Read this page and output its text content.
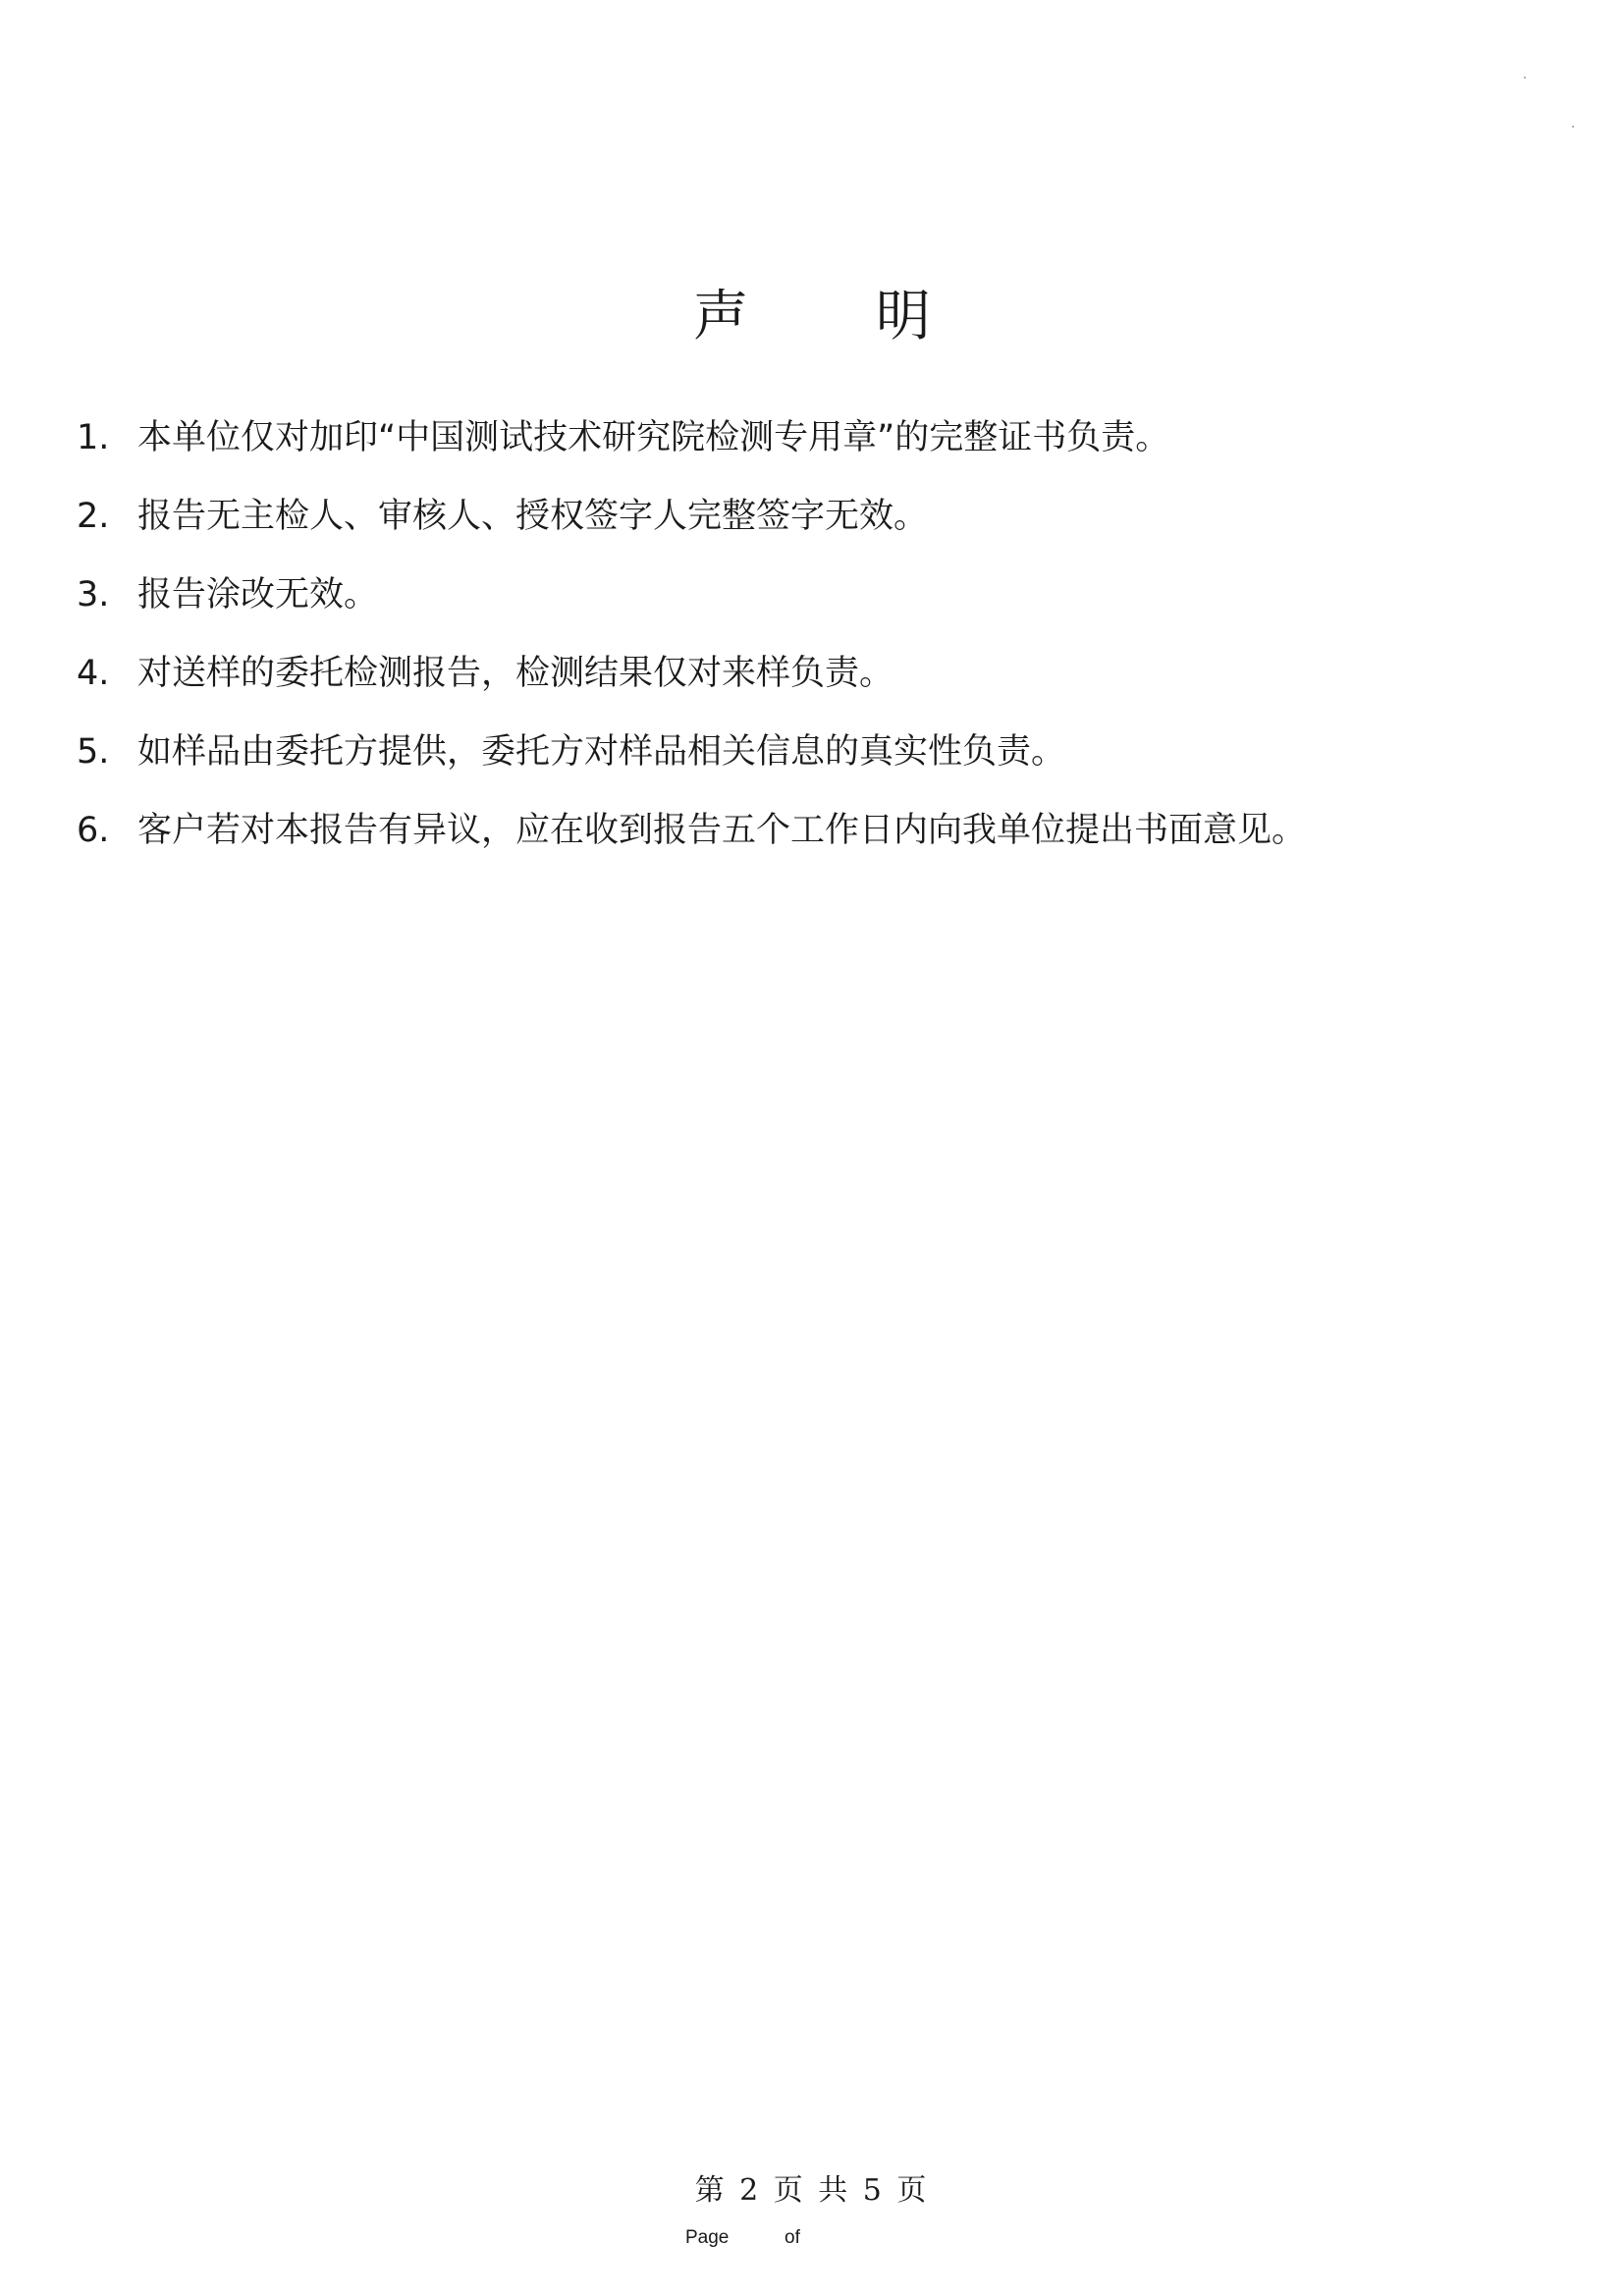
声 明
1. 本单位仅对加印“中国测试技术研究院检测专用章”的完整证书负责。
2. 报告无主检人、审核人、授权签字人完整签字无效。
3. 报告涂改无效。
4. 对送样的委托检测报告，检测结果仅对来样负责。
5. 如样品由委托方提供，委托方对样品相关信息的真实性负责。
6. 客户若对本报告有异议，应在收到报告五个工作日内向我单位提出书面意见。
第 2 页 共 5 页
Page	of
